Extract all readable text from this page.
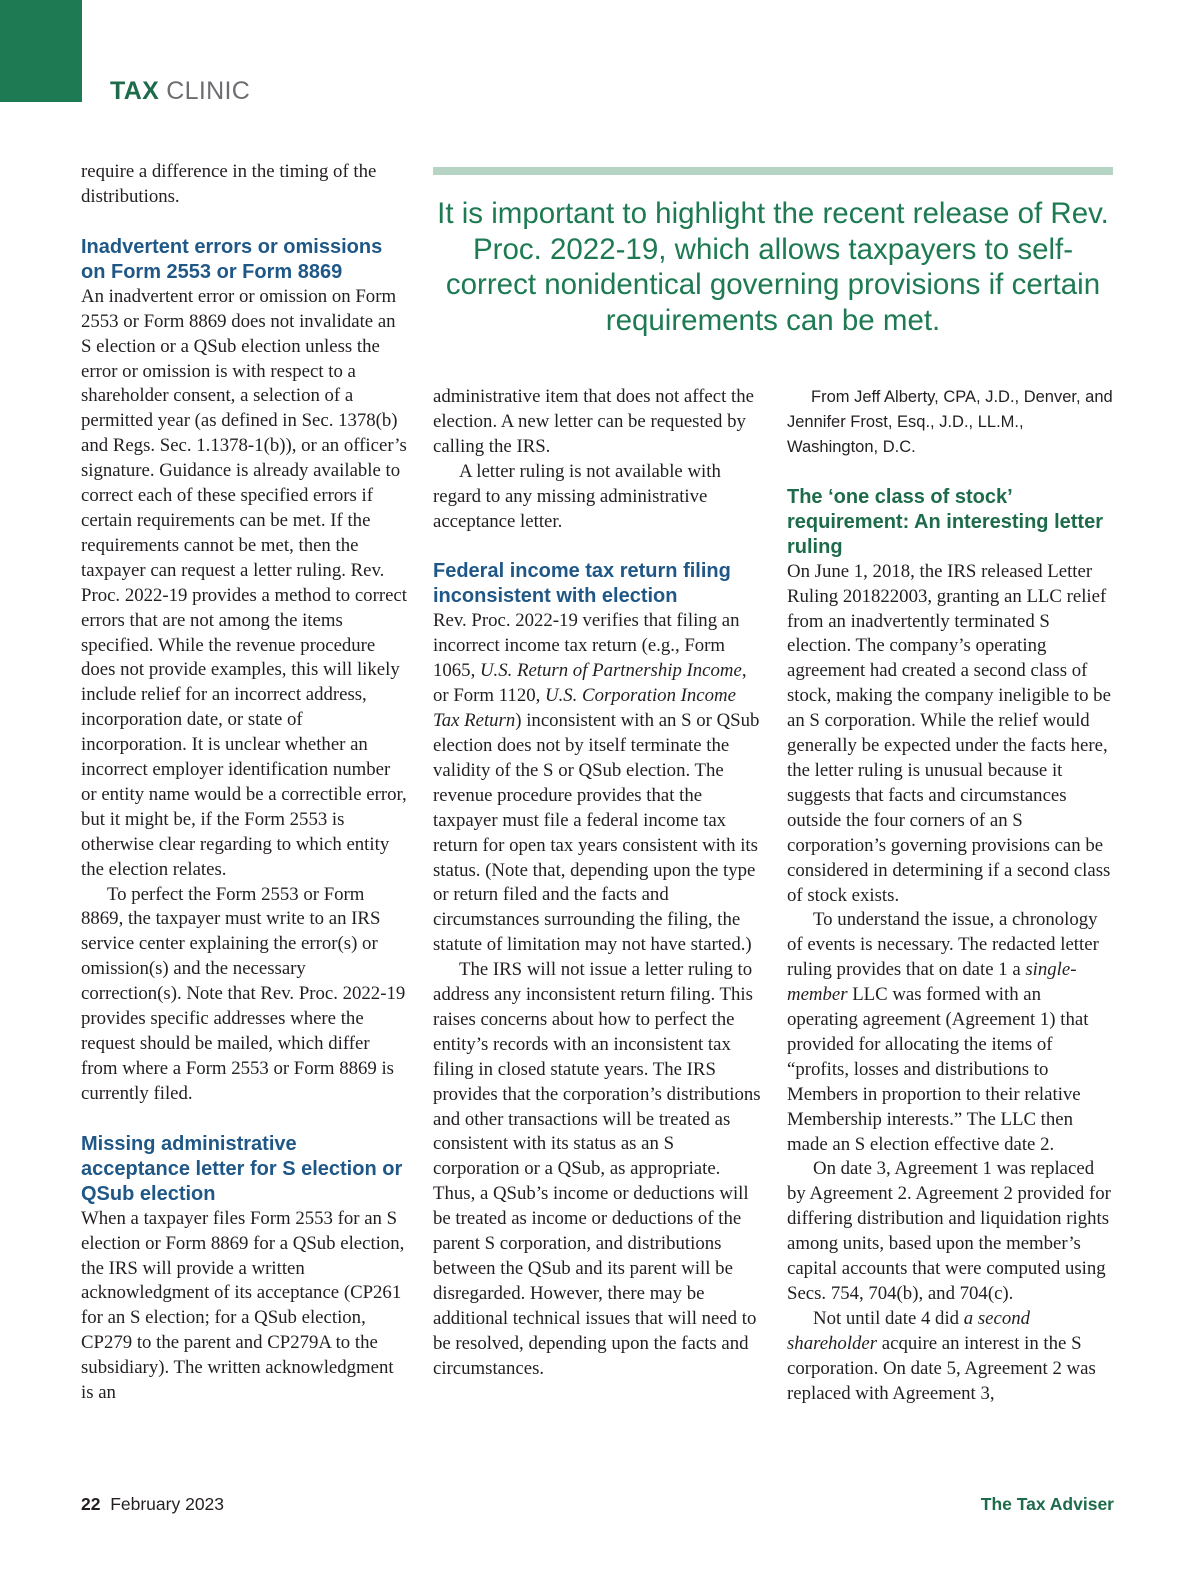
TAX CLINIC

require a difference in the timing of the distributions.

Inadvertent errors or omissions on Form 2553 or Form 8869

An inadvertent error or omission on Form 2553 or Form 8869 does not invalidate an S election or a QSub election unless the error or omission is with respect to a shareholder consent, a selection of a permitted year (as defined in Sec. 1378(b) and Regs. Sec. 1.1378-1(b)), or an officer’s signature. Guidance is already available to correct each of these specified errors if certain requirements can be met. If the requirements cannot be met, then the taxpayer can request a letter ruling. Rev. Proc. 2022-19 provides a method to correct errors that are not among the items specified. While the revenue procedure does not provide examples, this will likely include relief for an incorrect address, incorporation date, or state of incorporation. It is unclear whether an incorrect employer identification number or entity name would be a correctible error, but it might be, if the Form 2553 is otherwise clear regarding to which entity the election relates.

To perfect the Form 2553 or Form 8869, the taxpayer must write to an IRS service center explaining the error(s) or omission(s) and the necessary correction(s). Note that Rev. Proc. 2022-19 provides specific addresses where the request should be mailed, which differ from where a Form 2553 or Form 8869 is currently filed.

Missing administrative acceptance letter for S election or QSub election

When a taxpayer files Form 2553 for an S election or Form 8869 for a QSub election, the IRS will provide a written acknowledgment of its acceptance (CP261 for an S election; for a QSub election, CP279 to the parent and CP279A to the subsidiary). The written acknowledgment is an

It is important to highlight the recent release of Rev. Proc. 2022-19, which allows taxpayers to self-correct nonidentical governing provisions if certain requirements can be met.

administrative item that does not affect the election. A new letter can be requested by calling the IRS.

A letter ruling is not available with regard to any missing administrative acceptance letter.

Federal income tax return filing inconsistent with election

Rev. Proc. 2022-19 verifies that filing an incorrect income tax return (e.g., Form 1065, U.S. Return of Partnership Income, or Form 1120, U.S. Corporation Income Tax Return) inconsistent with an S or QSub election does not by itself terminate the validity of the S or QSub election. The revenue procedure provides that the taxpayer must file a federal income tax return for open tax years consistent with its status. (Note that, depending upon the type or return filed and the facts and circumstances surrounding the filing, the statute of limitation may not have started.)

The IRS will not issue a letter ruling to address any inconsistent return filing. This raises concerns about how to perfect the entity’s records with an inconsistent tax filing in closed statute years. The IRS provides that the corporation’s distributions and other transactions will be treated as consistent with its status as an S corporation or a QSub, as appropriate. Thus, a QSub’s income or deductions will be treated as income or deductions of the parent S corporation, and distributions between the QSub and its parent will be disregarded. However, there may be additional technical issues that will need to be resolved, depending upon the facts and circumstances.

From Jeff Alberty, CPA, J.D., Denver, and Jennifer Frost, Esq., J.D., LL.M., Washington, D.C.

The ‘one class of stock’ requirement: An interesting letter ruling

On June 1, 2018, the IRS released Letter Ruling 201822003, granting an LLC relief from an inadvertently terminated S election. The company’s operating agreement had created a second class of stock, making the company ineligible to be an S corporation. While the relief would generally be expected under the facts here, the letter ruling is unusual because it suggests that facts and circumstances outside the four corners of an S corporation’s governing provisions can be considered in determining if a second class of stock exists.

To understand the issue, a chronology of events is necessary. The redacted letter ruling provides that on date 1 a single-member LLC was formed with an operating agreement (Agreement 1) that provided for allocating the items of “profits, losses and distributions to Members in proportion to their relative Membership interests.” The LLC then made an S election effective date 2.

On date 3, Agreement 1 was replaced by Agreement 2. Agreement 2 provided for differing distribution and liquidation rights among units, based upon the member’s capital accounts that were computed using Secs. 754, 704(b), and 704(c).

Not until date 4 did a second shareholder acquire an interest in the S corporation. On date 5, Agreement 2 was replaced with Agreement 3,

22 February 2023	The Tax Adviser
